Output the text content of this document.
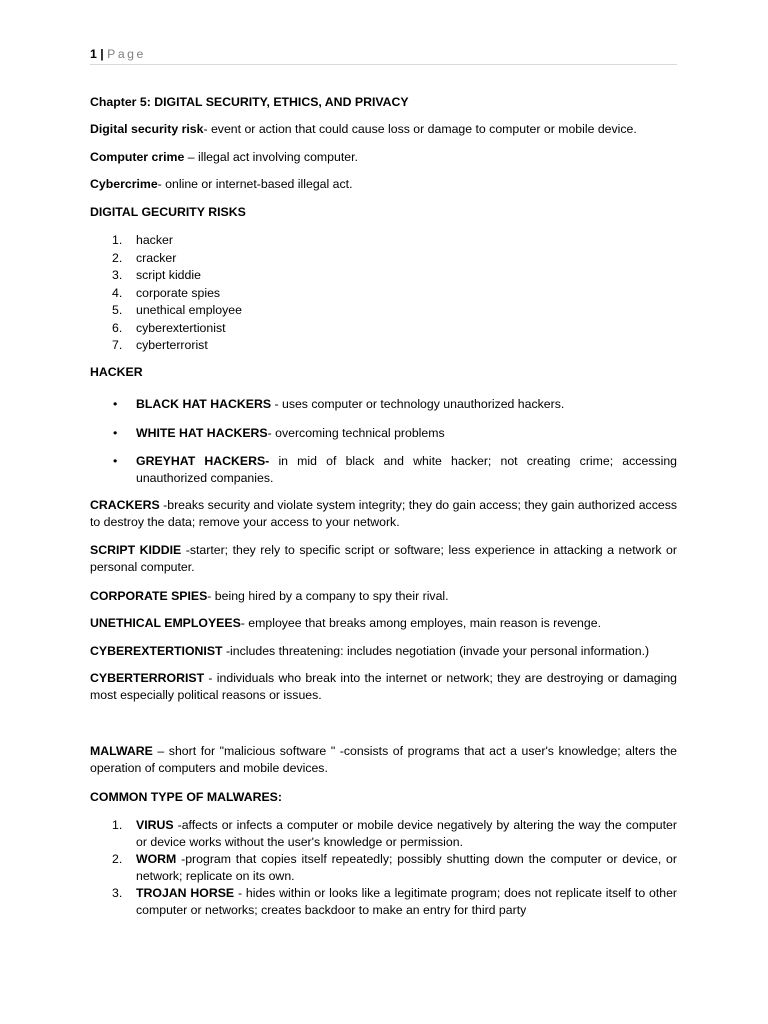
1 | Page
Chapter 5: DIGITAL SECURITY, ETHICS, AND PRIVACY

Digital security risk- event or action that could cause loss or damage to computer or mobile device.

Computer crime – illegal act involving computer.

Cybercrime- online or internet-based illegal act.

DIGITAL GECURITY RISKS

1. hacker
2. cracker
3. script kiddie
4. corporate spies
5. unethical employee
6. cyberextertionist
7. cyberterrorist

HACKER

• BLACK HAT HACKERS - uses computer or technology unauthorized hackers.
• WHITE HAT HACKERS- overcoming technical problems
• GREYHAT HACKERS- in mid of black and white hacker; not creating crime; accessing unauthorized companies.

CRACKERS -breaks security and violate system integrity; they do gain access; they gain authorized access to destroy the data; remove your access to your network.

SCRIPT KIDDIE -starter; they rely to specific script or software; less experience in attacking a network or personal computer.

CORPORATE SPIES- being hired by a company to spy their rival.

UNETHICAL EMPLOYEES- employee that breaks among employes, main reason is revenge.

CYBEREXTERTIONIST -includes threatening: includes negotiation (invade your personal information.)

CYBERTERRORIST - individuals who break into the internet or network; they are destroying or damaging most especially political reasons or issues.

MALWARE – short for "malicious software " -consists of programs that act a user's knowledge; alters the operation of computers and mobile devices.

COMMON TYPE OF MALWARES:

1. VIRUS -affects or infects a computer or mobile device negatively by altering the way the computer or device works without the user's knowledge or permission.
2. WORM -program that copies itself repeatedly; possibly shutting down the computer or device, or network; replicate on its own.
3. TROJAN HORSE - hides within or looks like a legitimate program; does not replicate itself to other computer or networks; creates backdoor to make an entry for third party
